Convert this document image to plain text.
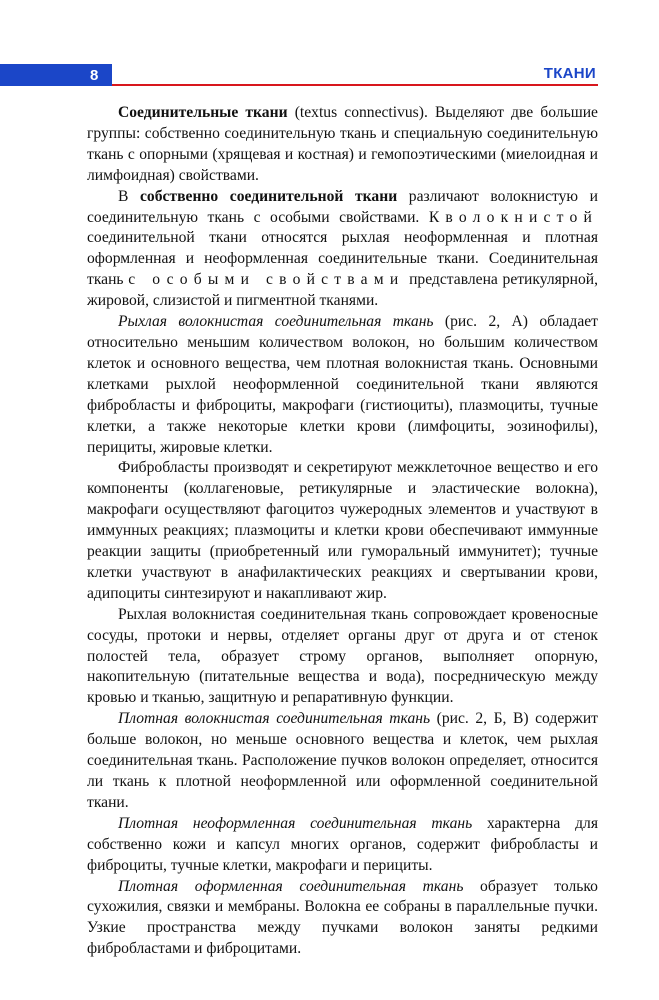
8	ТКАНИ

Соединительные ткани (textus connectivus). Выделяют две большие группы: собственно соединительную ткань и специальную соединительную ткань с опорными (хрящевая и костная) и гемопоэтическими (миелоидная и лимфоидная) свойствами.

В собственно соединительной ткани различают волокнистую и соединительную ткань с особыми свойствами. Кволокнистой соединительной ткани относятся рыхлая неоформленная и плотная оформленная и неоформленная соединительные ткани. Соединительная ткань с особыми свойствами представлена ретикулярной, жировой, слизистой и пигментной тканями.

Рыхлая волокнистая соединительная ткань (рис. 2, А) обладает относительно меньшим количеством волокон, но большим количеством клеток и основного вещества, чем плотная волокнистая ткань. Основными клетками рыхлой неоформленной соединительной ткани являются фибробласты и фиброциты, макрофаги (гистиоциты), плазмоциты, тучные клетки, а также некоторые клетки крови (лимфоциты, эозинофилы), перициты, жировые клетки.

Фибробласты производят и секретируют межклеточное вещество и его компоненты (коллагеновые, ретикулярные и эластические волокна), макрофаги осуществляют фагоцитоз чужеродных элементов и участвуют в иммунных реакциях; плазмоциты и клетки крови обеспечивают иммунные реакции защиты (приобретенный или гуморальный иммунитет); тучные клетки участвуют в анафилактических реакциях и свертывании крови, адипоциты синтезируют и накапливают жир.

Рыхлая волокнистая соединительная ткань сопровождает кровеносные сосуды, протоки и нервы, отделяет органы друг от друга и от стенок полостей тела, образует строму органов, выполняет опорную, накопительную (питательные вещества и вода), посредническую между кровью и тканью, защитную и репаративную функции.

Плотная волокнистая соединительная ткань (рис. 2, Б, В) содержит больше волокон, но меньше основного вещества и клеток, чем рыхлая соединительная ткань. Расположение пучков волокон определяет, относится ли ткань к плотной неоформленной или оформленной соединительной ткани.

Плотная неоформленная соединительная ткань характерна для собственно кожи и капсул многих органов, содержит фибробласты и фиброциты, тучные клетки, макрофаги и перициты.

Плотная оформленная соединительная ткань образует только сухожилия, связки и мембраны. Волокна ее собраны в параллельные пучки. Узкие пространства между пучками волокон заняты редкими фибробластами и фиброцитами.
